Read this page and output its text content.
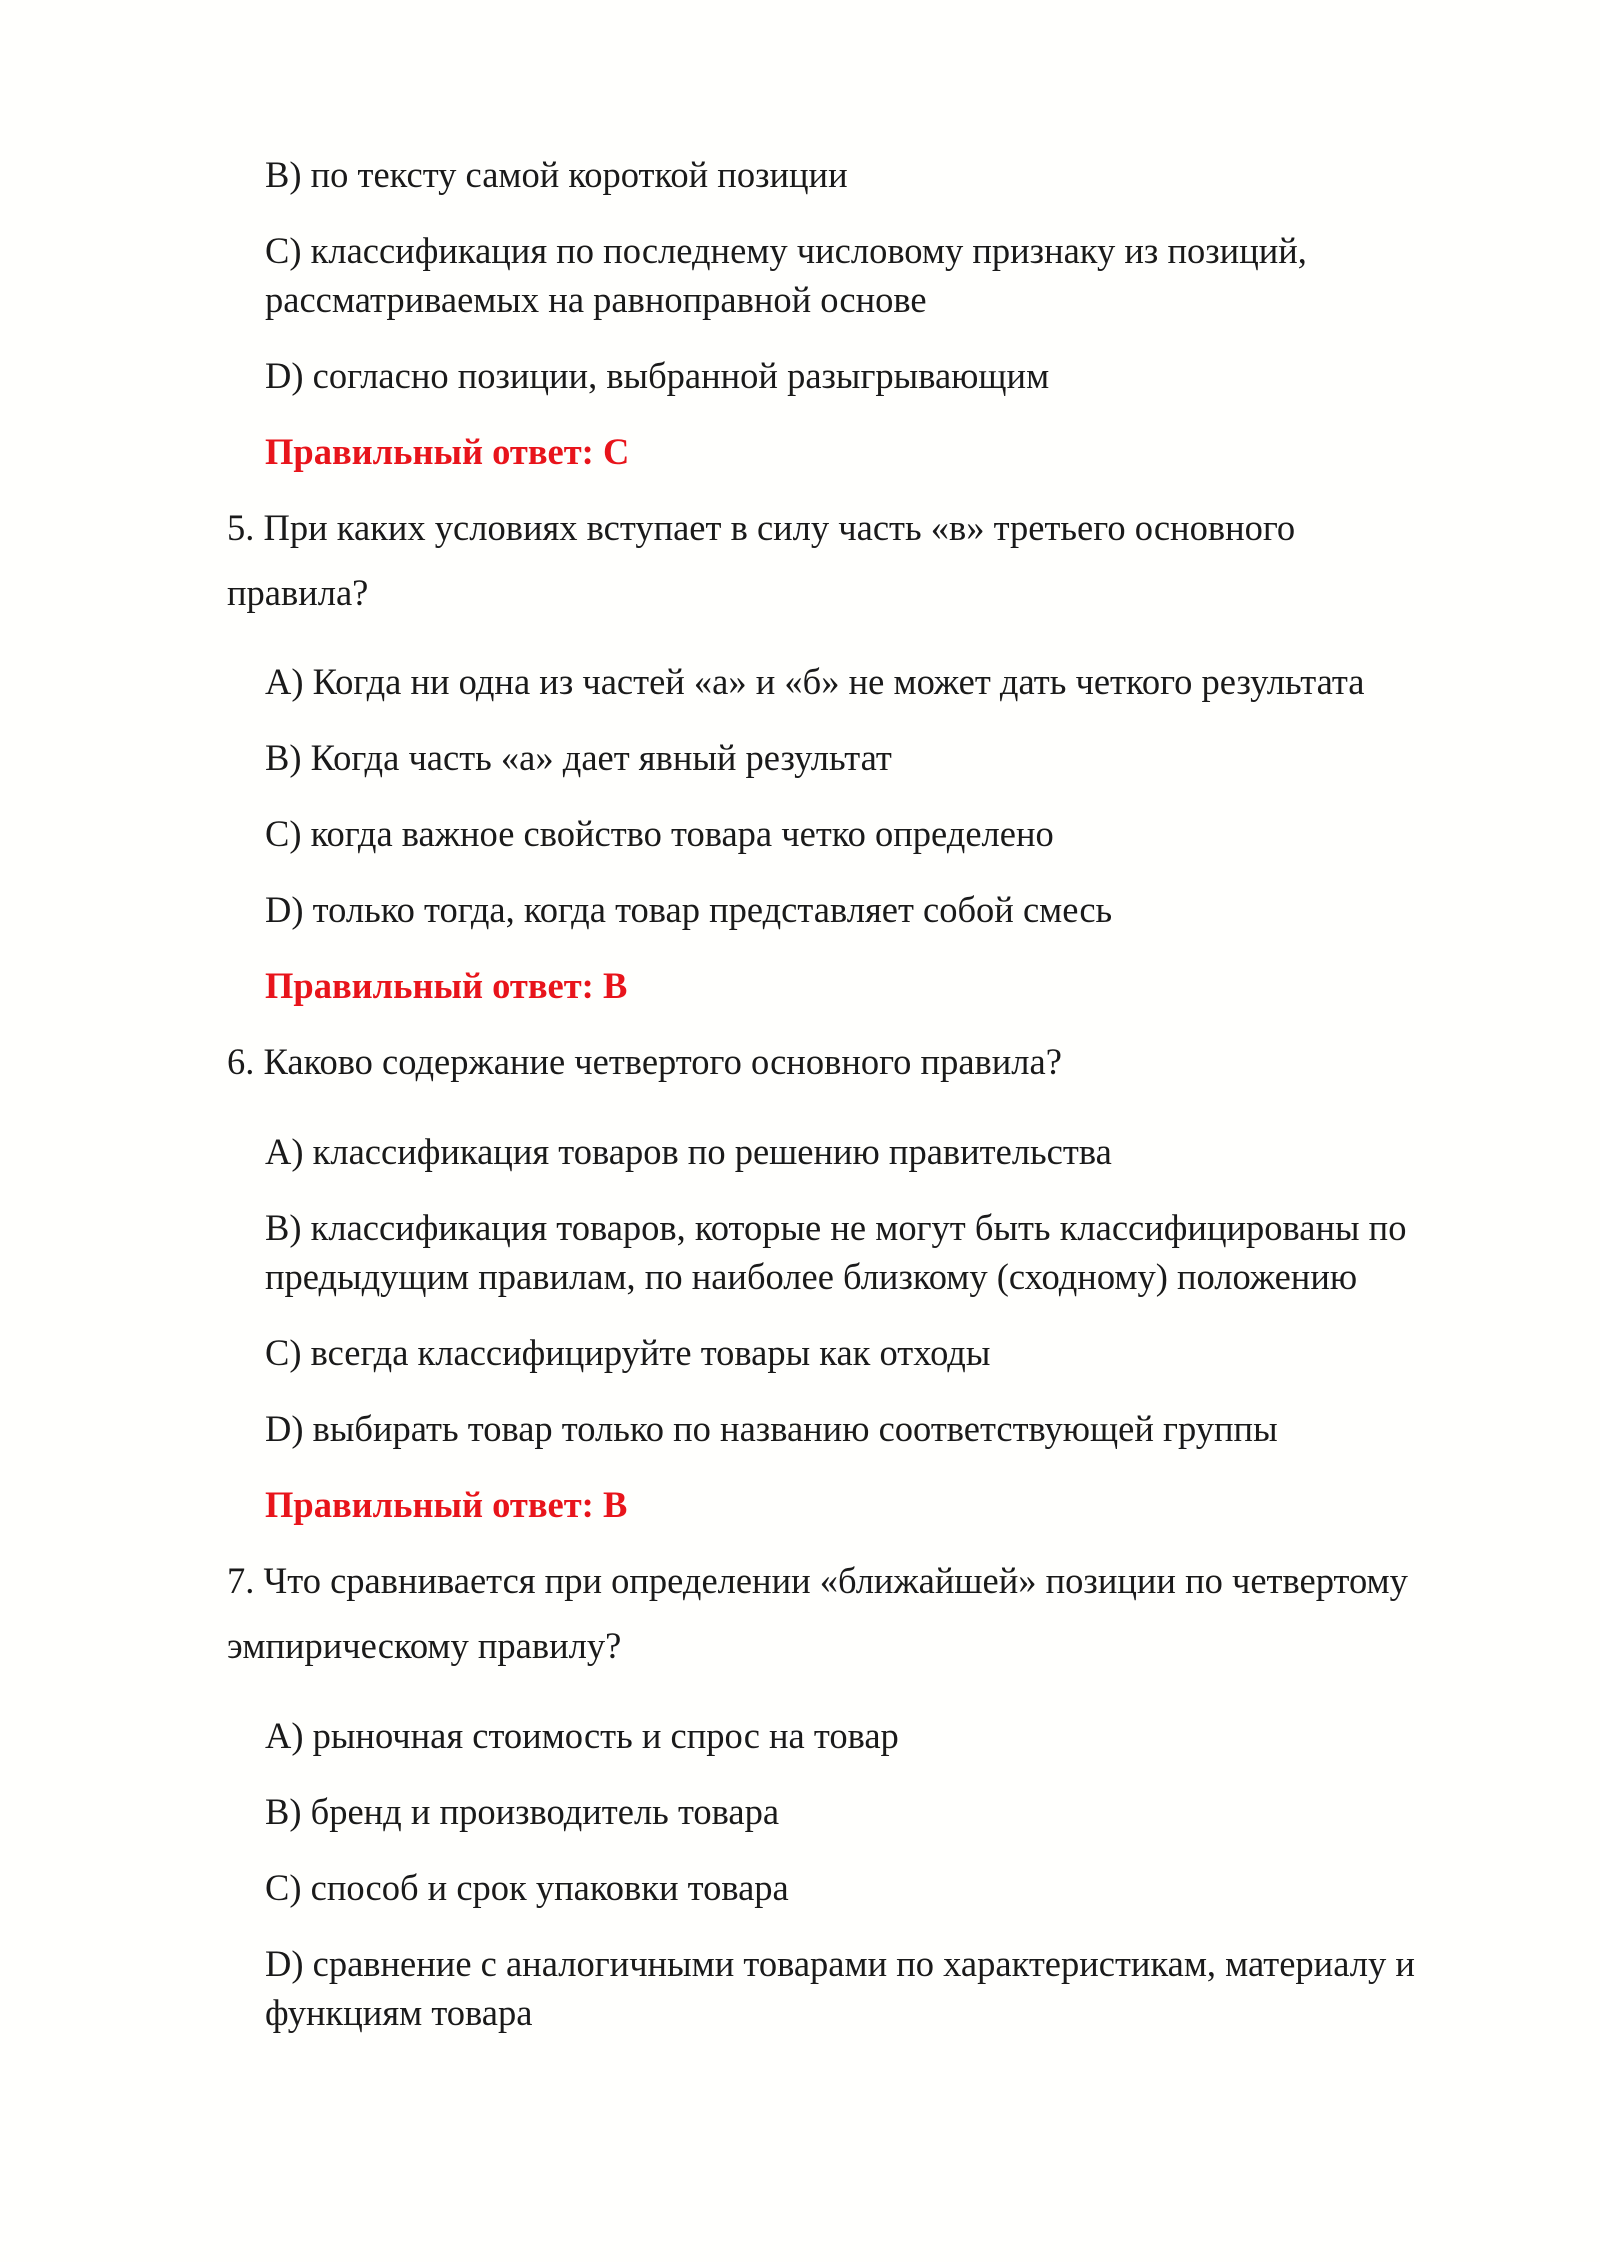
B) по тексту самой короткой позиции
C) классификация по последнему числовому признаку из позиций,
рассматриваемых на равноправной основе
D) согласно позиции, выбранной разыгрывающим
Правильный ответ: C
5. При каких условиях вступает в силу часть «в» третьего основного
правила?
A) Когда ни одна из частей «а» и «б» не может дать четкого результата
B) Когда часть «а» дает явный результат
C) когда важное свойство товара четко определено
D) только тогда, когда товар представляет собой смесь
Правильный ответ: B
6. Каково содержание четвертого основного правила?
A) классификация товаров по решению правительства
B) классификация товаров, которые не могут быть классифицированы по
предыдущим правилам, по наиболее близкому (сходному) положению
C) всегда классифицируйте товары как отходы
D) выбирать товар только по названию соответствующей группы
Правильный ответ: B
7. Что сравнивается при определении «ближайшей» позиции по четвертому
эмпирическому правилу?
A) рыночная стоимость и спрос на товар
B) бренд и производитель товара
C) способ и срок упаковки товара
D) сравнение с аналогичными товарами по характеристикам, материалу и
функциям товара
